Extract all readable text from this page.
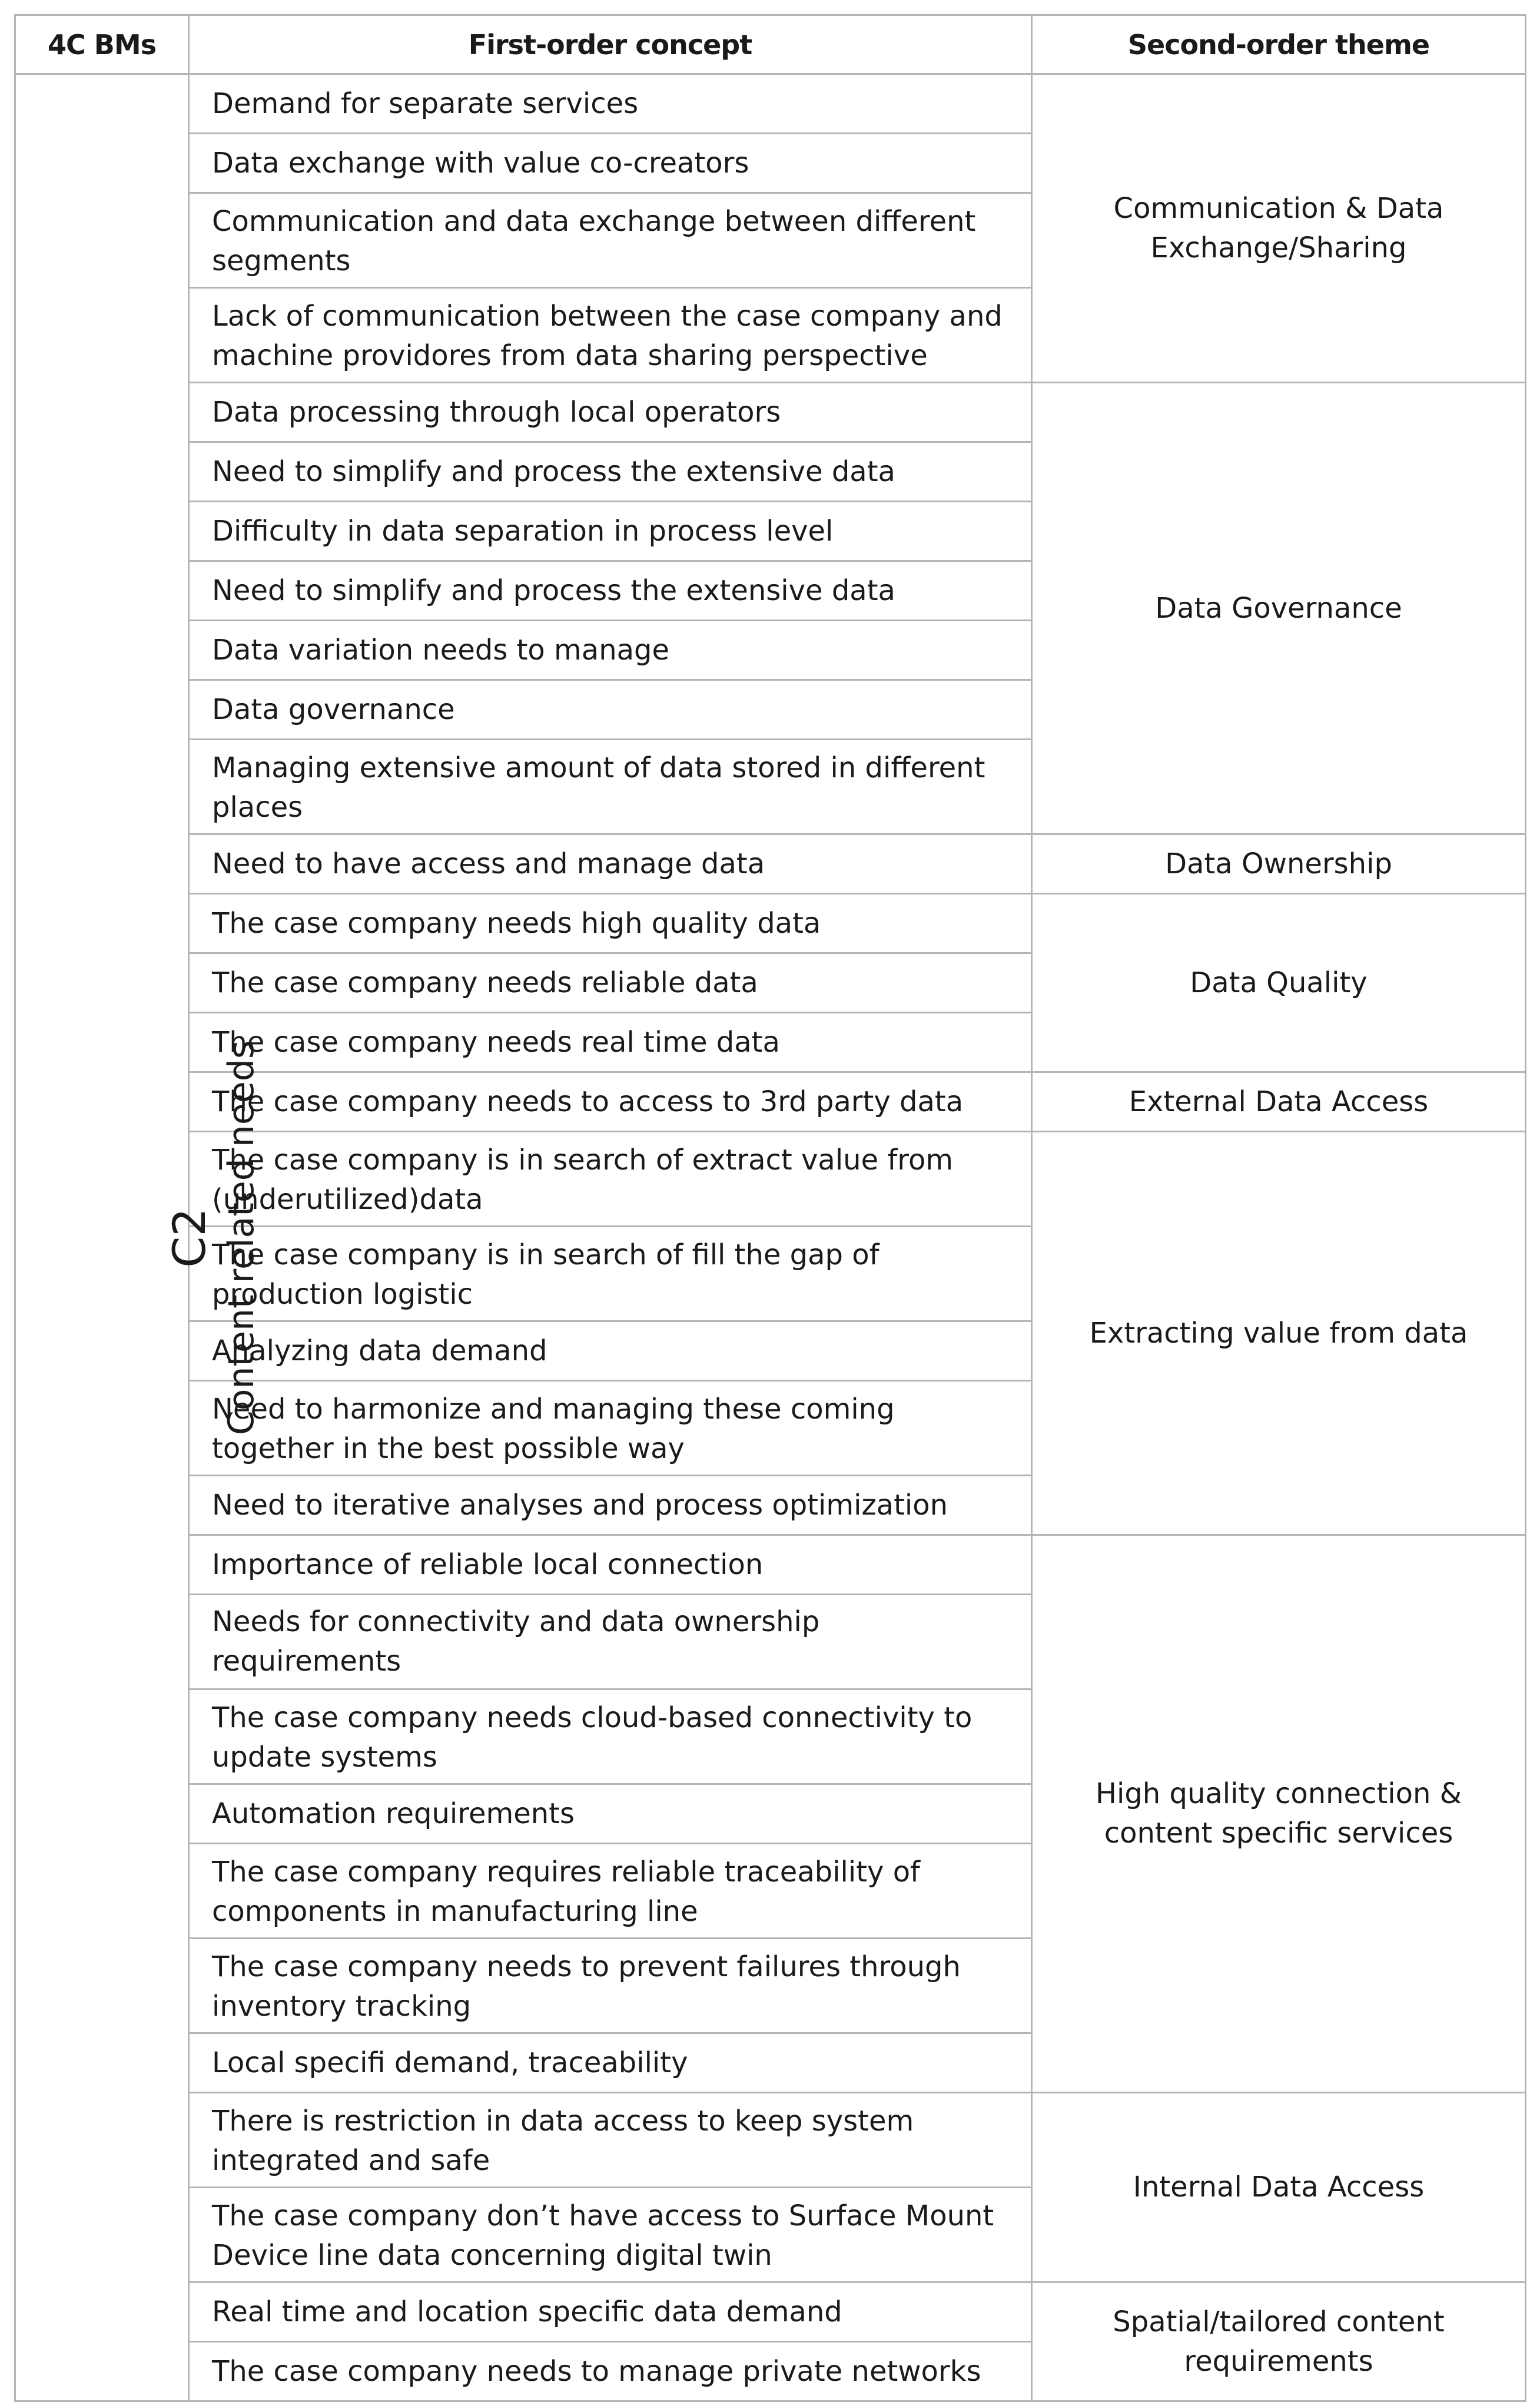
4C BMs	First-order concept	Second-order theme

C2 Content related needs	Demand for separate services	Communication & Data Exchange/Sharing
	Data exchange with value co-creators	
	Communication and data exchange between different segments	
	Lack of communication between the case company and machine providores from data sharing perspective	
	Data processing through local operators	Data Governance
	Need to simplify and process the extensive data	
	Difficulty in data separation in process level	
	Need to simplify and process the extensive data	
	Data variation needs to manage	
	Data governance	
	Managing extensive amount of data stored in different places	
	Need to have access and manage data	Data Ownership
	The case company needs high quality data	Data Quality
	The case company needs reliable data	
	The case company needs real time data	
	The case company needs to access to 3rd party data	External Data Access
	The case company is in search of extract value from (underutilized)data	Extracting value from data
	The case company is in search of fill the gap of production logistic	
	Analyzing data demand	
	Need to harmonize and managing these coming together in the best possible way	
	Need to iterative analyses and process optimization	
	Importance of reliable local connection	High quality connection & content specific services
	Needs for connectivity and data ownership requirements	
	The case company needs cloud-based connectivity to update systems	
	Automation requirements	
	The case company requires reliable traceability of components in manufacturing line	
	The case company needs to prevent failures through inventory tracking	
	Local specifi demand, traceability	
	There is restriction in data access to keep system integrated and safe	Internal Data Access
	The case company don’t have access to Surface Mount Device line data concerning digital twin	
	Real time and location specific data demand	Spatial/tailored content requirements
	The case company needs to manage private networks	
